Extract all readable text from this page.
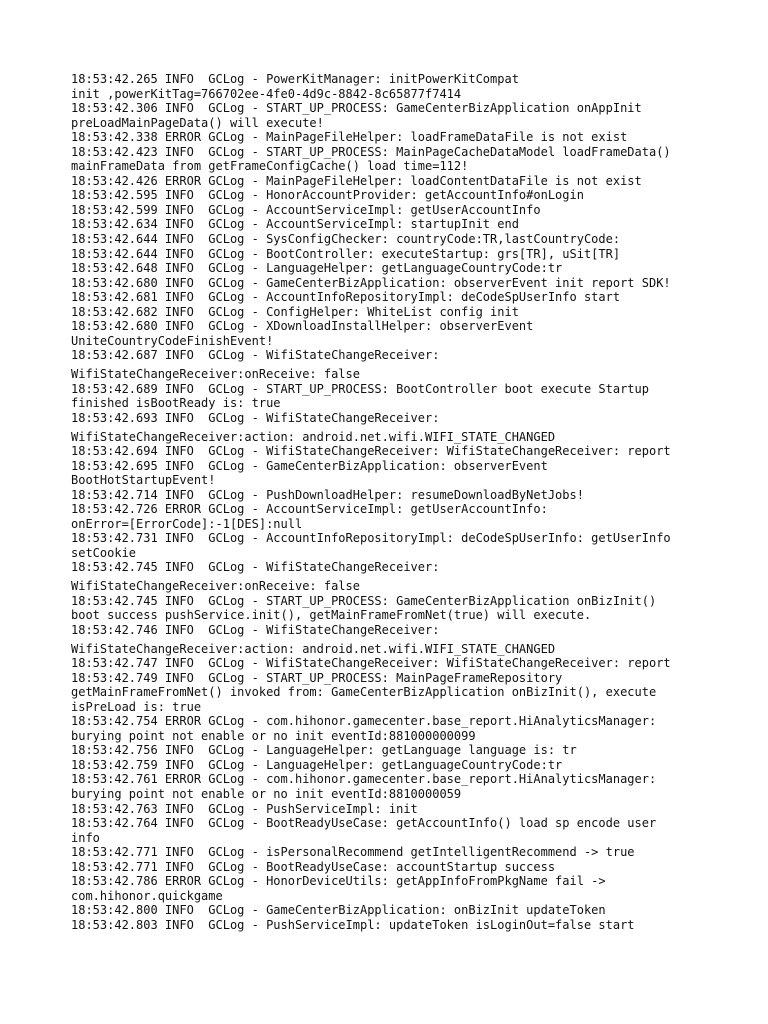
18:53:42.265 INFO  GCLog - PowerKitManager: initPowerKitCompat
init ,powerKitTag=766702ee-4fe0-4d9c-8842-8c65877f7414
18:53:42.306 INFO  GCLog - START_UP_PROCESS: GameCenterBizApplication onAppInit
preLoadMainPageData() will execute!
18:53:42.338 ERROR GCLog - MainPageFileHelper: loadFrameDataFile is not exist
18:53:42.423 INFO  GCLog - START_UP_PROCESS: MainPageCacheDataModel loadFrameData()
mainFrameData from getFrameConfigCache() load time=112!
18:53:42.426 ERROR GCLog - MainPageFileHelper: loadContentDataFile is not exist
18:53:42.595 INFO  GCLog - HonorAccountProvider: getAccountInfo#onLogin
18:53:42.599 INFO  GCLog - AccountServiceImpl: getUserAccountInfo
18:53:42.634 INFO  GCLog - AccountServiceImpl: startupInit end
18:53:42.644 INFO  GCLog - SysConfigChecker: countryCode:TR,lastCountryCode:
18:53:42.644 INFO  GCLog - BootController: executeStartup: grs[TR], uSit[TR]
18:53:42.648 INFO  GCLog - LanguageHelper: getLanguageCountryCode:tr
18:53:42.680 INFO  GCLog - GameCenterBizApplication: observerEvent init report SDK!
18:53:42.681 INFO  GCLog - AccountInfoRepositoryImpl: deCodeSpUserInfo start
18:53:42.682 INFO  GCLog - ConfigHelper: WhiteList config init
18:53:42.680 INFO  GCLog - XDownloadInstallHelper: observerEvent
UniteCountryCodeFinishEvent!
18:53:42.687 INFO  GCLog - WifiStateChangeReceiver:
WifiStateChangeReceiver:onReceive: false
18:53:42.689 INFO  GCLog - START_UP_PROCESS: BootController boot execute Startup
finished isBootReady is: true
18:53:42.693 INFO  GCLog - WifiStateChangeReceiver:
WifiStateChangeReceiver:action: android.net.wifi.WIFI_STATE_CHANGED
18:53:42.694 INFO  GCLog - WifiStateChangeReceiver: WifiStateChangeReceiver: report
18:53:42.695 INFO  GCLog - GameCenterBizApplication: observerEvent
BootHotStartupEvent!
18:53:42.714 INFO  GCLog - PushDownloadHelper: resumeDownloadByNetJobs!
18:53:42.726 ERROR GCLog - AccountServiceImpl: getUserAccountInfo:
onError=[ErrorCode]:-1[DES]:null
18:53:42.731 INFO  GCLog - AccountInfoRepositoryImpl: deCodeSpUserInfo: getUserInfo
setCookie
18:53:42.745 INFO  GCLog - WifiStateChangeReceiver:
WifiStateChangeReceiver:onReceive: false
18:53:42.745 INFO  GCLog - START_UP_PROCESS: GameCenterBizApplication onBizInit()
boot success pushService.init(), getMainFrameFromNet(true) will execute.
18:53:42.746 INFO  GCLog - WifiStateChangeReceiver:
WifiStateChangeReceiver:action: android.net.wifi.WIFI_STATE_CHANGED
18:53:42.747 INFO  GCLog - WifiStateChangeReceiver: WifiStateChangeReceiver: report
18:53:42.749 INFO  GCLog - START_UP_PROCESS: MainPageFrameRepository
getMainFrameFromNet() invoked from: GameCenterBizApplication onBizInit(), execute
isPreLoad is: true
18:53:42.754 ERROR GCLog - com.hihonor.gamecenter.base_report.HiAnalyticsManager:
burying point not enable or no init eventId:881000000099
18:53:42.756 INFO  GCLog - LanguageHelper: getLanguage language is: tr
18:53:42.759 INFO  GCLog - LanguageHelper: getLanguageCountryCode:tr
18:53:42.761 ERROR GCLog - com.hihonor.gamecenter.base_report.HiAnalyticsManager:
burying point not enable or no init eventId:8810000059
18:53:42.763 INFO  GCLog - PushServiceImpl: init
18:53:42.764 INFO  GCLog - BootReadyUseCase: getAccountInfo() load sp encode user
info
18:53:42.771 INFO  GCLog - isPersonalRecommend getIntelligentRecommend -> true
18:53:42.771 INFO  GCLog - BootReadyUseCase: accountStartup success
18:53:42.786 ERROR GCLog - HonorDeviceUtils: getAppInfoFromPkgName fail ->
com.hihonor.quickgame
18:53:42.800 INFO  GCLog - GameCenterBizApplication: onBizInit updateToken
18:53:42.803 INFO  GCLog - PushServiceImpl: updateToken isLoginOut=false start
